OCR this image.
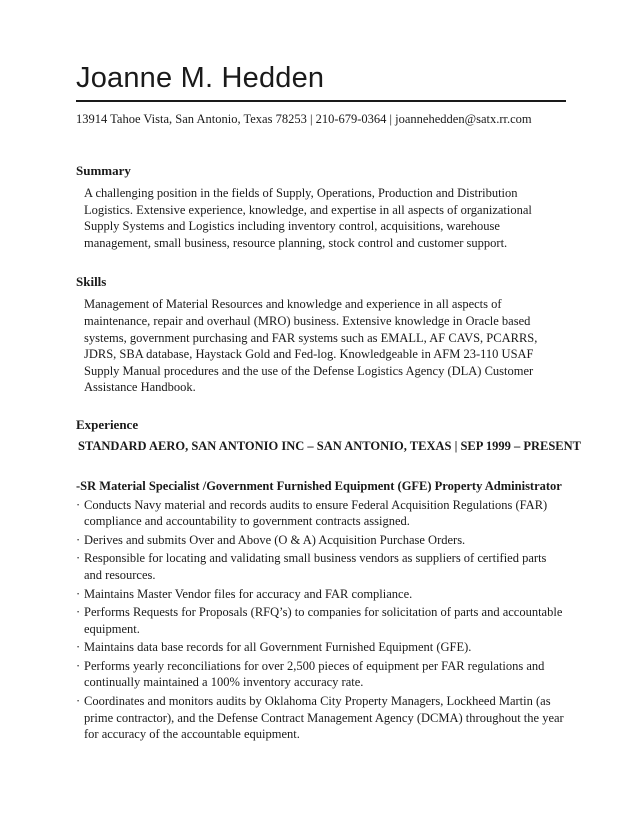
Joanne M. Hedden
13914 Tahoe Vista, San Antonio, Texas 78253 | 210-679-0364 | joannehedden@satx.rr.com
Summary
A challenging position in the fields of Supply, Operations, Production and Distribution Logistics. Extensive experience, knowledge, and expertise in all aspects of organizational Supply Systems and Logistics including inventory control, acquisitions, warehouse management, small business, resource planning, stock control and customer support.
Skills
Management of Material Resources and knowledge and experience in all aspects of maintenance, repair and overhaul (MRO) business. Extensive knowledge in Oracle based systems, government purchasing and FAR systems such as EMALL, AF CAVS, PCARRS, JDRS, SBA database, Haystack Gold and Fed-log. Knowledgeable in AFM 23-110 USAF Supply Manual procedures and the use of the Defense Logistics Agency (DLA) Customer Assistance Handbook.
Experience
STANDARD AERO, SAN ANTONIO INC – SAN ANTONIO, TEXAS | SEP 1999 – PRESENT
-SR Material Specialist /Government Furnished Equipment (GFE) Property Administrator
· Conducts Navy material and records audits to ensure Federal Acquisition Regulations (FAR) compliance and accountability to government contracts assigned.
· Derives and submits Over and Above (O & A) Acquisition Purchase Orders.
· Responsible for locating and validating small business vendors as suppliers of certified parts and resources.
· Maintains Master Vendor files for accuracy and FAR compliance.
· Performs Requests for Proposals (RFQ’s) to companies for solicitation of parts and accountable equipment.
· Maintains data base records for all Government Furnished Equipment (GFE).
· Performs yearly reconciliations for over 2,500 pieces of equipment per FAR regulations and continually maintained a 100% inventory accuracy rate.
· Coordinates and monitors audits by Oklahoma City Property Managers, Lockheed Martin (as prime contractor), and the Defense Contract Management Agency (DCMA) throughout the year for accuracy of the accountable equipment.
